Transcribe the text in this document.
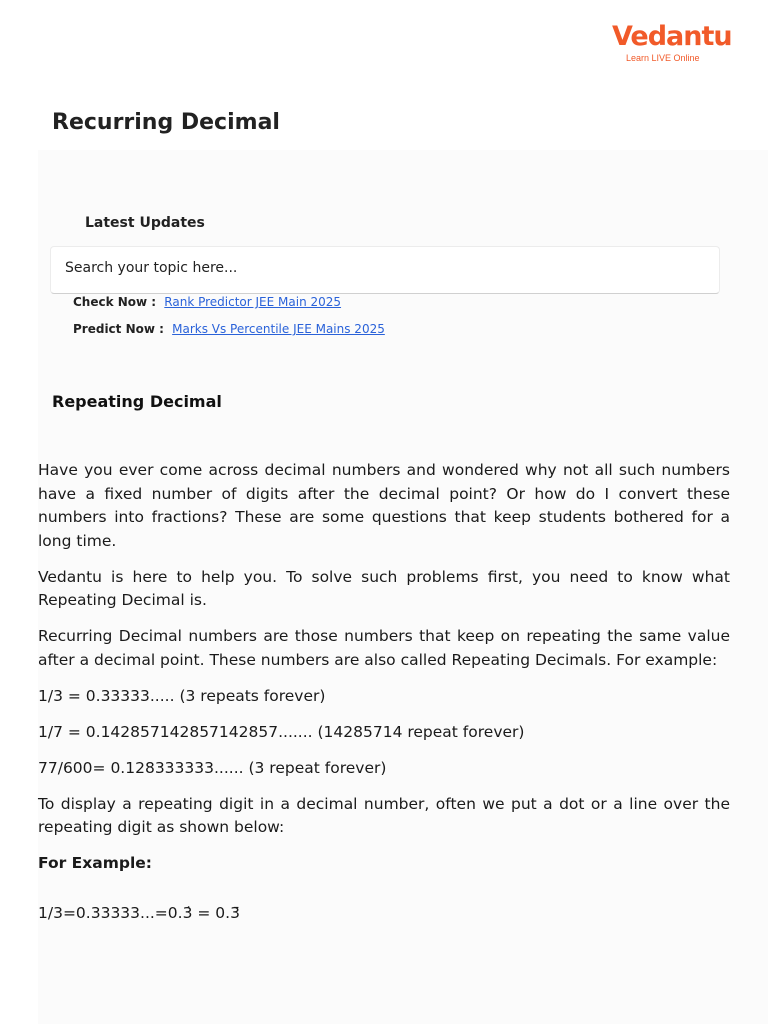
Vedantu
Learn LIVE Online
Recurring Decimal
Latest Updates
Search your topic here...
Check Now : Rank Predictor JEE Main 2025
Predict Now : Marks Vs Percentile JEE Mains 2025
Repeating Decimal

Have you ever come across decimal numbers and wondered why not all such numbers have a fixed number of digits after the decimal point? Or how do I convert these numbers into fractions? These are some questions that keep students bothered for a long time.

Vedantu is here to help you. To solve such problems first, you need to know what Repeating Decimal is.

Recurring Decimal numbers are those numbers that keep on repeating the same value after a decimal point. These numbers are also called Repeating Decimals. For example:

1/3 = 0.33333..... (3 repeats forever)

1/7 = 0.142857142857142857....... (14285714 repeat forever)

77/600= 0.128333333...... (3 repeat forever)

To display a repeating digit in a decimal number, often we put a dot or a line over the repeating digit as shown below:

For Example:

1/3=0.33333...=0.3̇ = 0.3̄
